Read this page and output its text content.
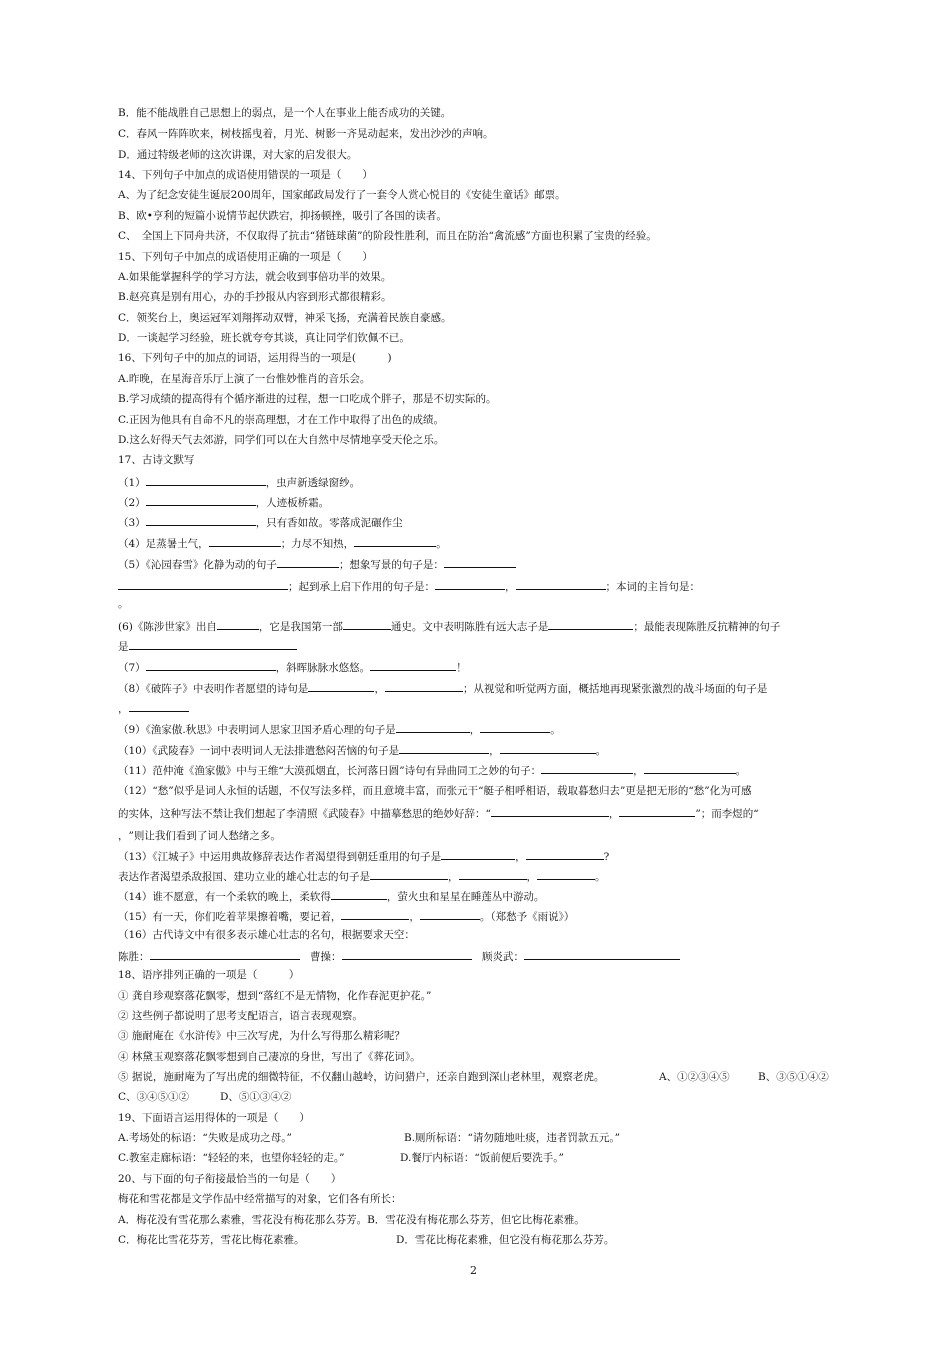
B．能不能战胜自己思想上的弱点，是一个人在事业上能否成功的关键。
C．春风一阵阵吹来，树枝摇曳着，月光、树影一齐晃动起来，发出沙沙的声响。
D．通过特级老师的这次讲课，对大家的启发很大。
14、下列句子中加点的成语使用错误的一项是（　　）
A、为了纪念安徒生诞辰200周年，国家邮政局发行了一套令人赏心悦目的《安徒生童话》邮票。
B、欧•亨利的短篇小说情节起伏跌宕，抑扬顿挫，吸引了各国的读者。
C、　全国上下同舟共济，不仅取得了抗击“猪链球菌”的阶段性胜利，而且在防治“禽流感”方面也积累了宝贵的经验。
15、下列句子中加点的成语使用正确的一项是（　　）
A.如果能掌握科学的学习方法，就会收到事倍功半的效果。
B.赵亮真是别有用心，办的手抄报从内容到形式都很精彩。
C．领奖台上，奥运冠军刘翔挥动双臂，神采飞扬，充满着民族自豪感。
D．一谈起学习经验，班长就夸夸其谈，真让同学们钦佩不已。
16、下列句子中的加点的词语，运用得当的一项是(　　　)
A.昨晚，在星海音乐厅上演了一台惟妙惟肖的音乐会。
B.学习成绩的提高得有个循序渐进的过程，想一口吃成个胖子，那是不切实际的。
C.正因为他具有自命不凡的崇高理想，才在工作中取得了出色的成绩。
D.这么好得天气去郊游，同学们可以在大自然中尽情地享受天伦之乐。
17、古诗文默写
（1）	，虫声新透绿窗纱。
（2）	，人迹板桥霜。
（3）	，只有香如故。零落成泥碾作尘
（4）足蒸暑土气，	；力尽不知热，	。
（5）《沁园春雪》化静为动的句子	；想象写景的句子是：
；起到承上启下作用的句子是：	，	；本词的主旨句是：
。
(6)《陈涉世家》出自	，它是我国第一部	通史。文中表明陈胜有远大志子是	；最能表现陈胜反抗精神的句子
是
（7）	，斜晖脉脉水悠悠。	！
（8）《破阵子》中表明作者愿望的诗句是	，	；从视觉和听觉两方面，概括地再现紧张激烈的战斗场面的句子是
，
（9）《渔家傲.秋思》中表明词人思家卫国矛盾心理的句子是	，	。
（10）《武陵春》一词中表明词人无法排遣愁闷苦恼的句子是	，	。
（11）范仲淹《渔家傲》中与王维“大漠孤烟直，长河落日圆”诗句有异曲同工之妙的句子：	，	。
（12）“愁”似乎是词人永恒的话题，不仅写法多样，而且意境丰富，而张元干“艇子相呼相语，载取暮愁归去”更是把无形的“愁”化为可感
的实体，这种写法不禁让我们想起了李清照《武陵春》中描摹愁思的绝妙好辞：“	，	”；而李煜的“
，”则让我们看到了词人愁绪之多。
（13）《江城子》中运用典故修辞表达作者渴望得到朝廷重用的句子是	，	?
表达作者渴望杀敌报国、建功立业的雄心壮志的句子是	，	，	。
（14）谁不愿意，有一个柔软的晚上，柔软得	，萤火虫和星星在睡莲丛中游动。
（15）有一天，你们吃着苹果擦着嘴，要记着，	，	。（郑愁予《雨说》）
（16）古代诗文中有很多表示雄心壮志的名句，根据要求天空：
陈胜：	　曹操：	　顾炎武：
18、语序排列正确的一项是（　　　）
① 龚自珍观察落花飘零，想到“落红不是无情物，化作春泥更护花。”
② 这些例子都说明了思考支配语言，语言表现观察。
③ 施耐庵在《水浒传》中三次写虎，为什么写得那么精彩呢？
④ 林黛玉观察落花飘零想到自己凄凉的身世，写出了《葬花词》。
⑤ 据说，施耐庵为了写出虎的细微特征，不仅翻山越岭，访问猎户，还亲自跑到深山老林里，观察老虎。	A、①②③④⑤	B、③⑤①④②
C、③④⑤①②	D、⑤①③④②
19、下面语言运用得体的一项是（　　）
A.考场处的标语：“失败是成功之母。”	B.厕所标语：“请勿随地吐痰，违者罚款五元。”
C.教室走廊标语：“轻轻的来，也望你轻轻的走。”	D.餐厅内标语：“饭前便后要洗手。”
20、与下面的句子衔接最恰当的一句是（　　）
梅花和雪花都是文学作品中经常描写的对象，它们各有所长：
A．梅花没有雪花那么素雅，雪花没有梅花那么芬芳。B．雪花没有梅花那么芬芳，但它比梅花素雅。
C．梅花比雪花芬芳，雪花比梅花素雅。	D．雪花比梅花素雅，但它没有梅花那么芬芳。
2
